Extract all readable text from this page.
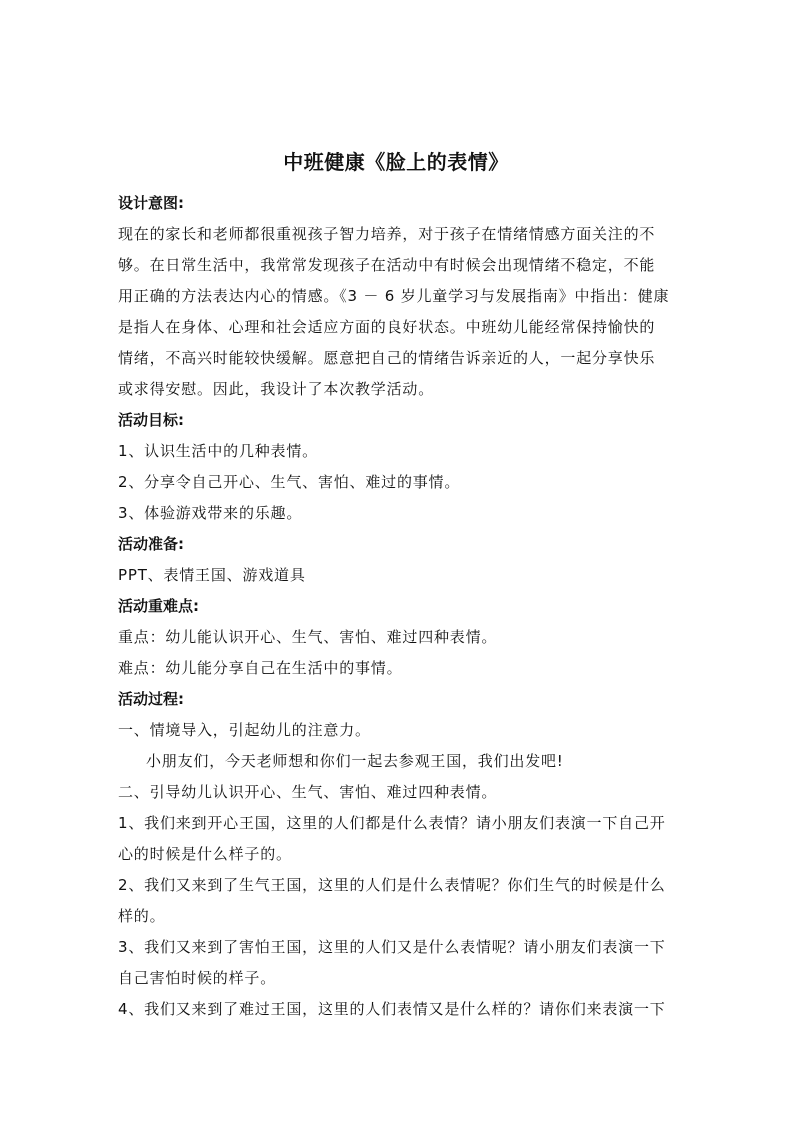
中班健康《脸上的表情》
设计意图:
现在的家长和老师都很重视孩子智力培养，对于孩子在情绪情感方面关注的不
够。在日常生活中，我常常发现孩子在活动中有时候会出现情绪不稳定，不能
用正确的方法表达内心的情感。《3 － 6 岁儿童学习与发展指南》中指出：健康
是指人在身体、心理和社会适应方面的良好状态。中班幼儿能经常保持愉快的
情绪，不高兴时能较快缓解。愿意把自己的情绪告诉亲近的人，一起分享快乐
或求得安慰。因此，我设计了本次教学活动。
活动目标:
1、认识生活中的几种表情。
2、分享令自己开心、生气、害怕、难过的事情。
3、体验游戏带来的乐趣。
活动准备:
PPT、表情王国、游戏道具
活动重难点:
重点：幼儿能认识开心、生气、害怕、难过四种表情。
难点：幼儿能分享自己在生活中的事情。
活动过程:
一、情境导入，引起幼儿的注意力。
小朋友们，今天老师想和你们一起去参观王国，我们出发吧!
二、引导幼儿认识开心、生气、害怕、难过四种表情。
1、我们来到开心王国，这里的人们都是什么表情？请小朋友们表演一下自己开
心的时候是什么样子的。
2、我们又来到了生气王国，这里的人们是什么表情呢？你们生气的时候是什么
样的。
3、我们又来到了害怕王国，这里的人们又是什么表情呢？请小朋友们表演一下
自己害怕时候的样子。
4、我们又来到了难过王国，这里的人们表情又是什么样的？请你们来表演一下
